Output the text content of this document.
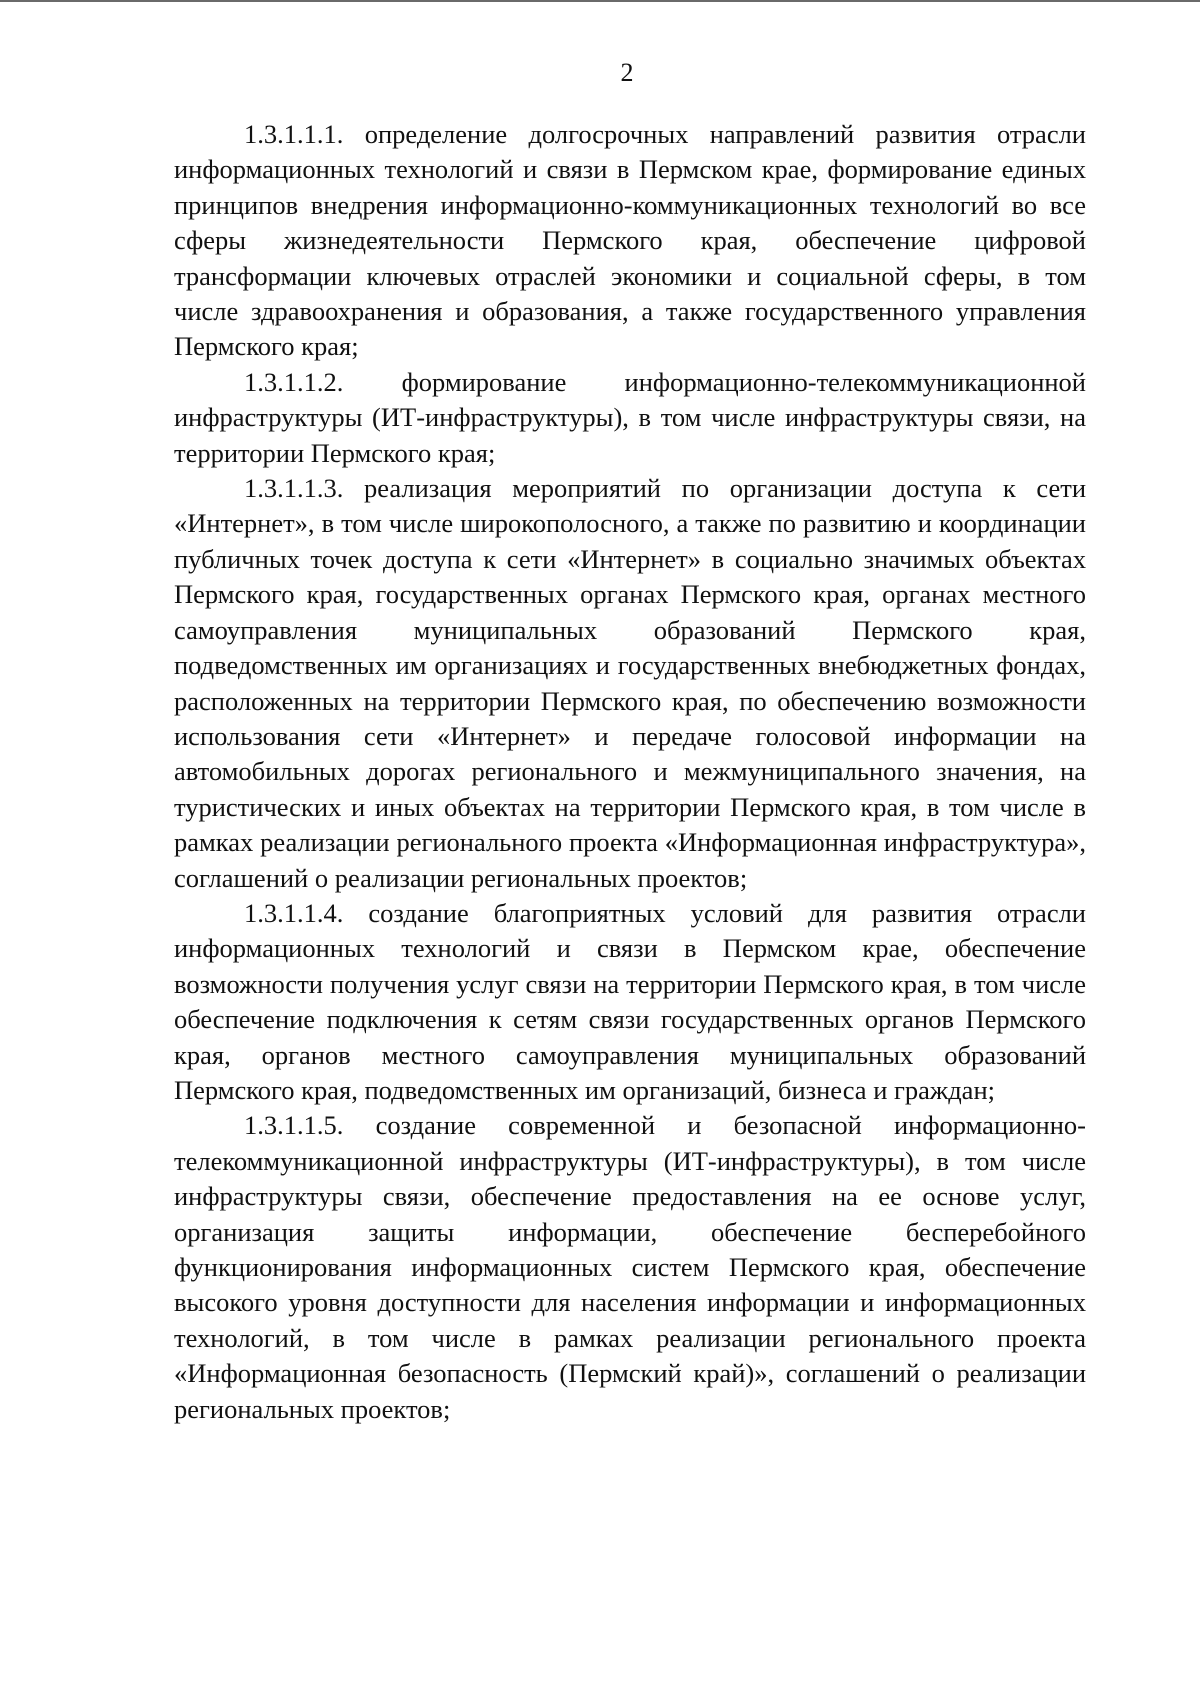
2

1.3.1.1.1. определение долгосрочных направлений развития отрасли информационных технологий и связи в Пермском крае, формирование единых принципов внедрения информационно-коммуникационных технологий во все сферы жизнедеятельности Пермского края, обеспечение цифровой трансформации ключевых отраслей экономики и социальной сферы, в том числе здравоохранения и образования, а также государственного управления Пермского края;

1.3.1.1.2. формирование информационно-телекоммуникационной инфраструктуры (ИТ-инфраструктуры), в том числе инфраструктуры связи, на территории Пермского края;

1.3.1.1.3. реализация мероприятий по организации доступа к сети «Интернет», в том числе широкополосного, а также по развитию и координации публичных точек доступа к сети «Интернет» в социально значимых объектах Пермского края, государственных органах Пермского края, органах местного самоуправления муниципальных образований Пермского края, подведомственных им организациях и государственных внебюджетных фондах, расположенных на территории Пермского края, по обеспечению возможности использования сети «Интернет» и передаче голосовой информации на автомобильных дорогах регионального и межмуниципального значения, на туристических и иных объектах на территории Пермского края, в том числе в рамках реализации регионального проекта «Информационная инфраструктура», соглашений о реализации региональных проектов;

1.3.1.1.4. создание благоприятных условий для развития отрасли информационных технологий и связи в Пермском крае, обеспечение возможности получения услуг связи на территории Пермского края, в том числе обеспечение подключения к сетям связи государственных органов Пермского края, органов местного самоуправления муниципальных образований Пермского края, подведомственных им организаций, бизнеса и граждан;

1.3.1.1.5. создание современной и безопасной информационно-телекоммуникационной инфраструктуры (ИТ-инфраструктуры), в том числе инфраструктуры связи, обеспечение предоставления на ее основе услуг, организация защиты информации, обеспечение бесперебойного функционирования информационных систем Пермского края, обеспечение высокого уровня доступности для населения информации и информационных технологий, в том числе в рамках реализации регионального проекта «Информационная безопасность (Пермский край)», соглашений о реализации региональных проектов;
